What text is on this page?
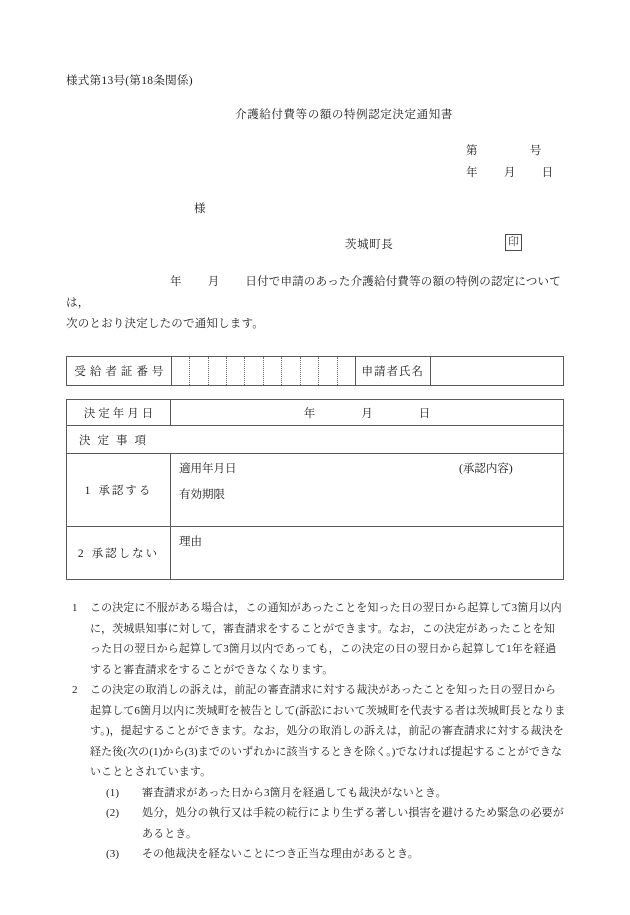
様式第13号(第18条関係)
介護給付費等の額の特例認定決定通知書
第	号
年 月 日
様
茨城町長	印
年 月 日付で申請のあった介護給付費等の額の特例の認定については，
次のとおり決定したので通知します。
受給者証番号		申請者氏名	
決定年月日	年 月 日
決定事項	
1 承認する	適用年月日 (承認内容)
有効期限

2 承認しない	理由
1 この決定に不服がある場合は，この通知があったことを知った日の翌日から起算して3箇月以内に，茨城県知事に対して，審査請求をすることができます。なお，この決定があったことを知った日の翌日から起算して3箇月以内であっても，この決定の日の翌日から起算して1年を経過すると審査請求をすることができなくなります。
2 この決定の取消しの訴えは，前記の審査請求に対する裁決があったことを知った日の翌日から起算して6箇月以内に茨城町を被告として(訴訟において茨城町を代表する者は茨城町長となります。)，提起することができます。なお，処分の取消しの訴えは，前記の審査請求に対する裁決を経た後(次の(1)から(3)までのいずれかに該当するときを除く。)でなければ提起することができないこととされています。
(1) 審査請求があった日から3箇月を経過しても裁決がないとき。
(2) 処分，処分の執行又は手続の続行により生ずる著しい損害を避けるため緊急の必要があるとき。
(3) その他裁決を経ないことにつき正当な理由があるとき。
